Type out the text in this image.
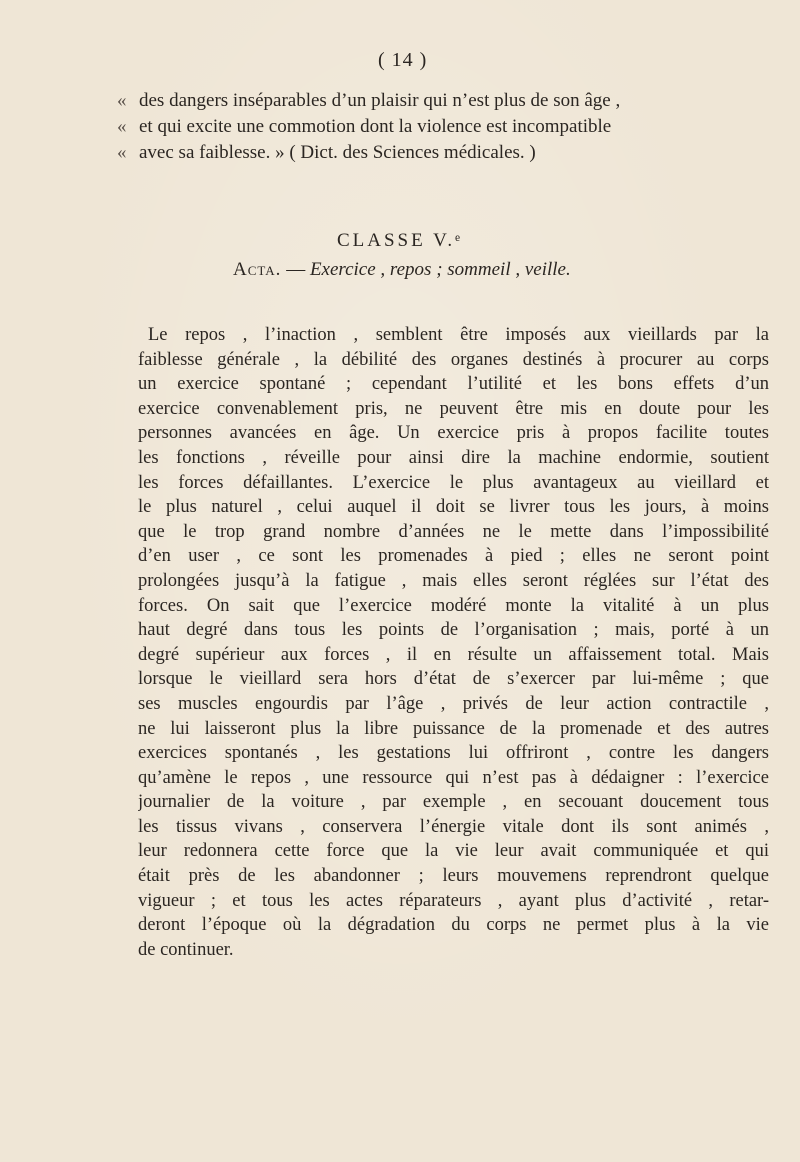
( 14 )
« des dangers inséparables d’un plaisir qui n’est plus de son âge ,
« et qui excite une commotion dont la violence est incompatible
« avec sa faiblesse. » ( Dict. des Sciences médicales. )
CLASSE V.ᵉ
Acta. — Exercice , repos ; sommeil , veille.
Le repos , l’inaction , semblent être imposés aux vieillards par la
faiblesse générale , la débilité des organes destinés à procurer au corps
un exercice spontané ; cependant l’utilité et les bons effets d’un
exercice convenablement pris, ne peuvent être mis en doute pour les
personnes avancées en âge. Un exercice pris à propos facilite toutes
les fonctions , réveille pour ainsi dire la machine endormie, soutient
les forces défaillantes. L’exercice le plus avantageux au vieillard et
le plus naturel , celui auquel il doit se livrer tous les jours, à moins
que le trop grand nombre d’années ne le mette dans l’impossibilité
d’en user , ce sont les promenades à pied ; elles ne seront point
prolongées jusqu’à la fatigue , mais elles seront réglées sur l’état des
forces. On sait que l’exercice modéré monte la vitalité à un plus
haut degré dans tous les points de l’organisation ; mais, porté à un
degré supérieur aux forces , il en résulte un affaissement total. Mais
lorsque le vieillard sera hors d’état de s’exercer par lui-même ; que
ses muscles engourdis par l’âge , privés de leur action contractile ,
ne lui laisseront plus la libre puissance de la promenade et des autres
exercices spontanés , les gestations lui offriront , contre les dangers
qu’amène le repos , une ressource qui n’est pas à dédaigner : l’exercice
journalier de la voiture , par exemple , en secouant doucement tous
les tissus vivans , conservera l’énergie vitale dont ils sont animés ,
leur redonnera cette force que la vie leur avait communiquée et qui
était près de les abandonner ; leurs mouvemens reprendront quelque
vigueur ; et tous les actes réparateurs , ayant plus d’activité , retar-
deront l’époque où la dégradation du corps ne permet plus à la vie
de continuer.
